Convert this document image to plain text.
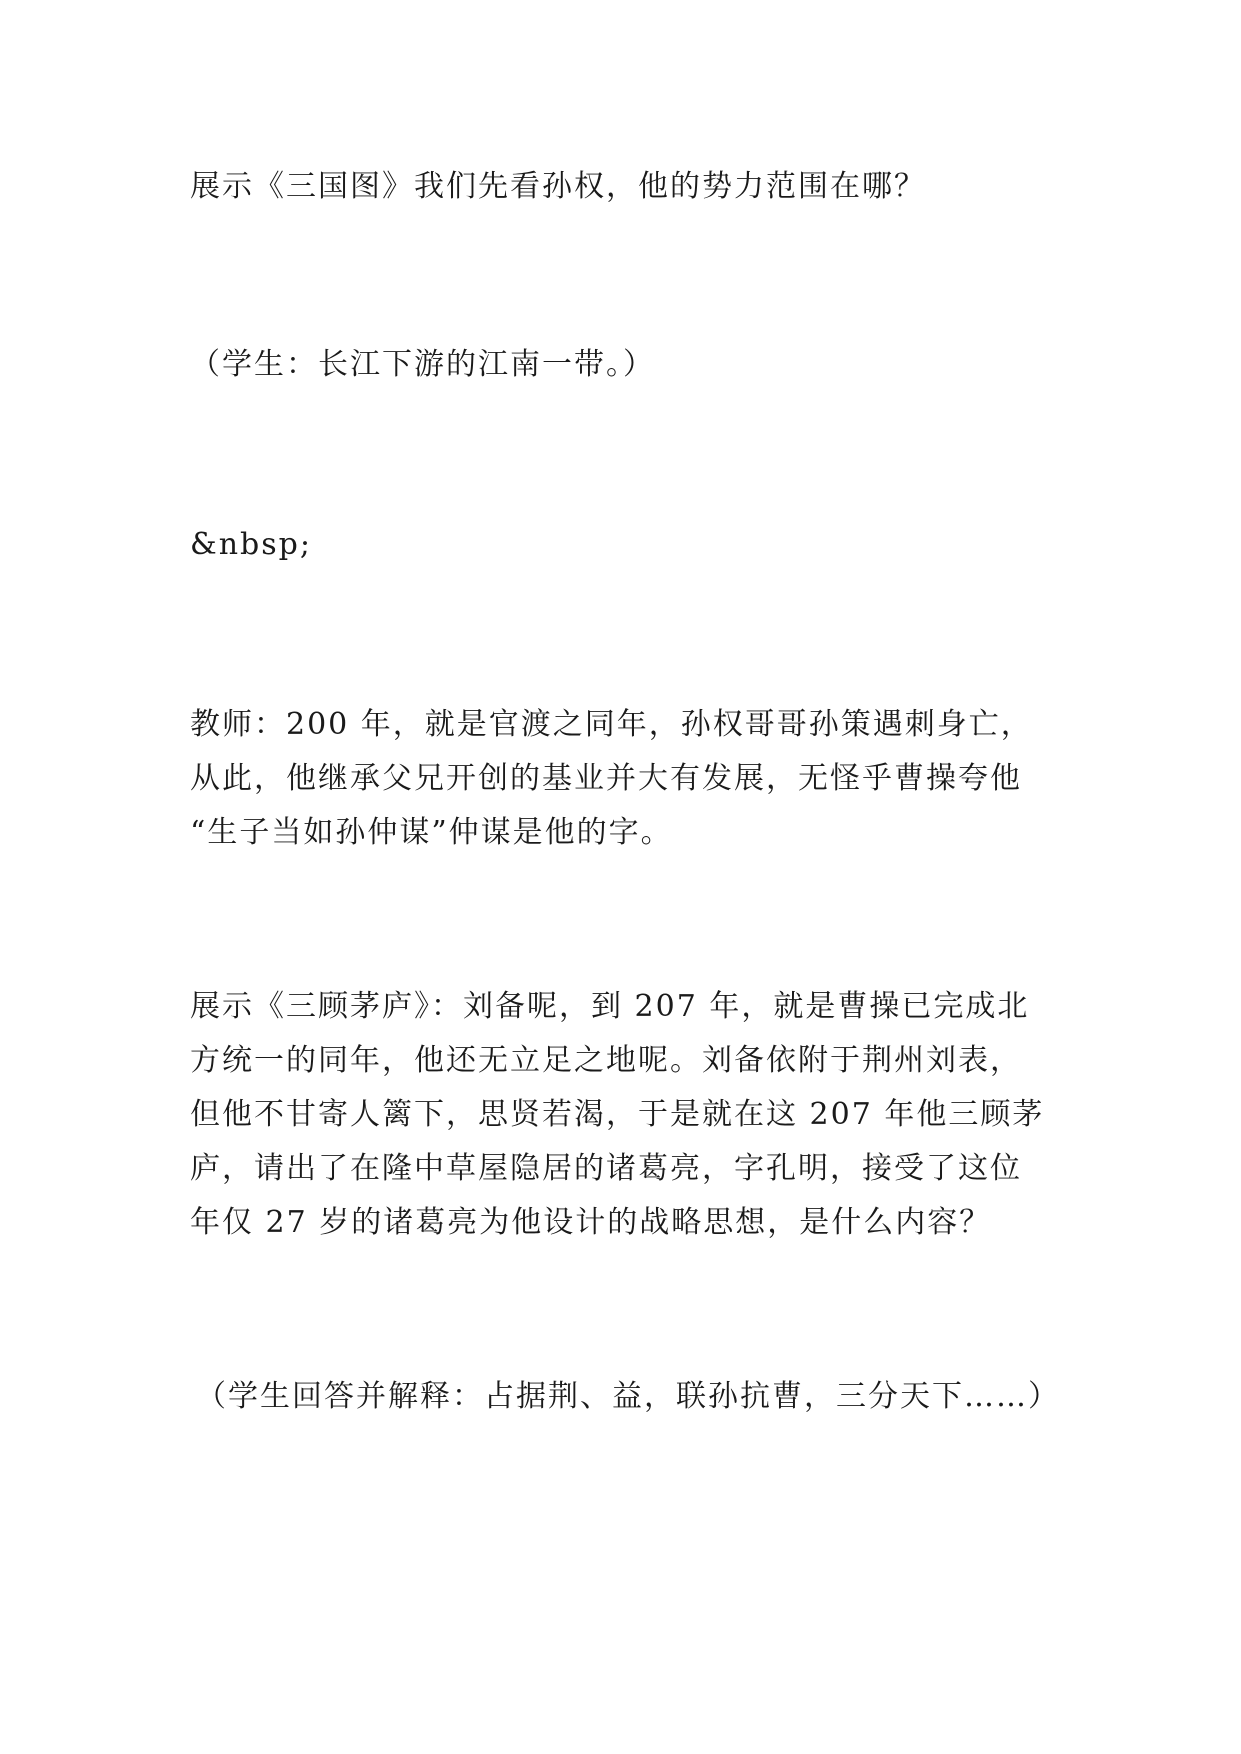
展示《三国图》我们先看孙权，他的势力范围在哪？

（学生：长江下游的江南一带。）

&nbsp;

教师：200 年，就是官渡之同年，孙权哥哥孙策遇刺身亡，
从此，他继承父兄开创的基业并大有发展，无怪乎曹操夸他
“生子当如孙仲谋”仲谋是他的字。

展示《三顾茅庐》：刘备呢，到 207 年，就是曹操已完成北
方统一的同年，他还无立足之地呢。刘备依附于荆州刘表，
但他不甘寄人篱下，思贤若渴，于是就在这 207 年他三顾茅
庐，请出了在隆中草屋隐居的诸葛亮，字孔明，接受了这位
年仅 27 岁的诸葛亮为他设计的战略思想，是什么内容？

（学生回答并解释：占据荆、益，联孙抗曹，三分天下……）
